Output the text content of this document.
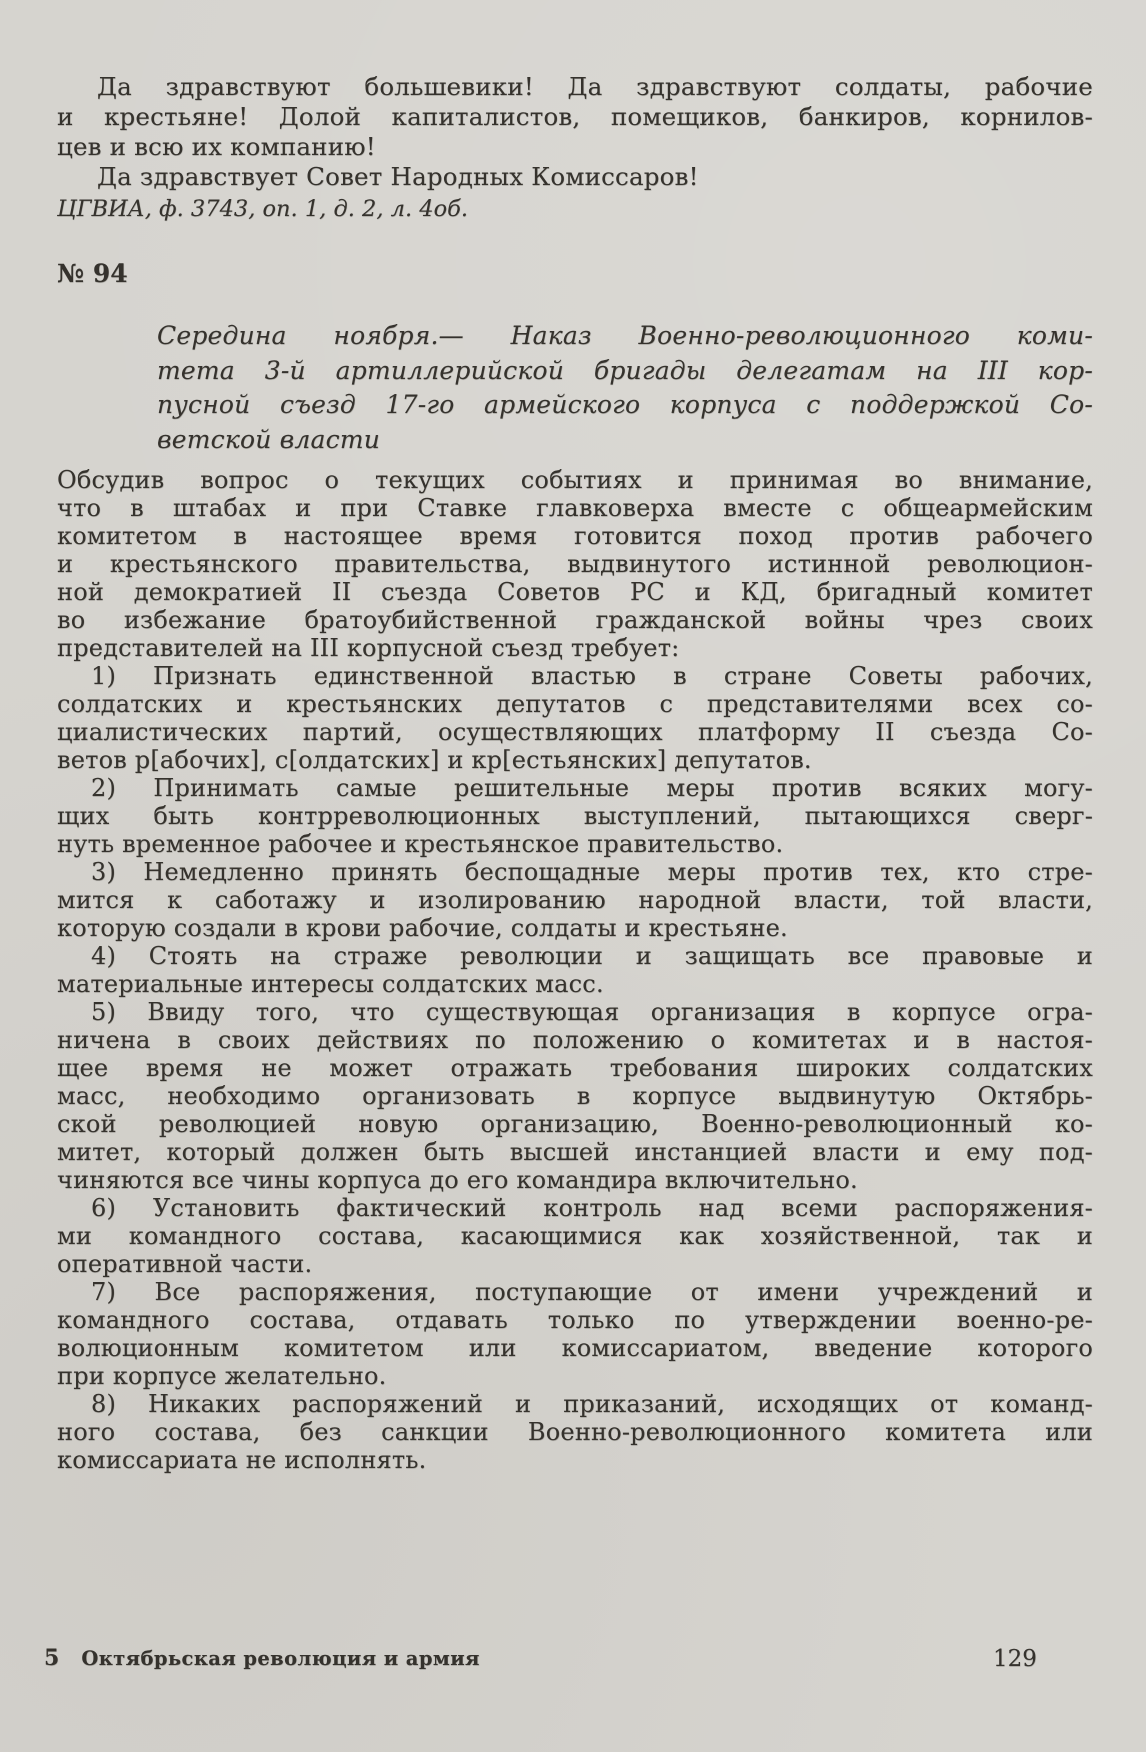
Да здравствуют большевики! Да здравствуют солдаты, рабочие
и крестьяне! Долой капиталистов, помещиков, банкиров, корнилов-
цев и всю их компанию!
Да здравствует Совет Народных Комиссаров!

ЦГВИА, ф. 3743, оп. 1, д. 2, л. 4об.

№ 94
Середина ноября.— Наказ Военно-революционного коми-
тета 3-й артиллерийской бригады делегатам на III кор-
пусной съезд 17-го армейского корпуса с поддержкой Со-
ветской власти
Обсудив вопрос о текущих событиях и принимая во внимание,
что в штабах и при Ставке главковерха вместе с общеармейским
комитетом в настоящее время готовится поход против рабочего
и крестьянского правительства, выдвинутого истинной революцион-
ной демократией II съезда Советов РС и КД, бригадный комитет
во избежание братоубийственной гражданской войны чрез своих
представителей на III корпусной съезд требует:
1) Признать единственной властью в стране Советы рабочих,
солдатских и крестьянских депутатов с представителями всех со-
циалистических партий, осуществляющих платформу II съезда Со-
ветов р[абочих], с[олдатских] и кр[естьянских] депутатов.
2) Принимать самые решительные меры против всяких могу-
щих быть контрреволюционных выступлений, пытающихся сверг-
нуть временное рабочее и крестьянское правительство.
3) Немедленно принять беспощадные меры против тех, кто стре-
мится к саботажу и изолированию народной власти, той власти,
которую создали в крови рабочие, солдаты и крестьяне.
4) Стоять на страже революции и защищать все правовые и
материальные интересы солдатских масс.
5) Ввиду того, что существующая организация в корпусе огра-
ничена в своих действиях по положению о комитетах и в настоя-
щее время не может отражать требования широких солдатских
масс, необходимо организовать в корпусе выдвинутую Октябрь-
ской революцией новую организацию, Военно-революционный ко-
митет, который должен быть высшей инстанцией власти и ему под-
чиняются все чины корпуса до его командира включительно.
6) Установить фактический контроль над всеми распоряжения-
ми командного состава, касающимися как хозяйственной, так и
оперативной части.
7) Все распоряжения, поступающие от имени учреждений и
командного состава, отдавать только по утверждении военно-ре-
волюционным комитетом или комиссариатом, введение которого
при корпусе желательно.
8) Никаких распоряжений и приказаний, исходящих от команд-
ного состава, без санкции Военно-революционного комитета или
комиссариата не исполнять.
5 Октябрьская революция и армия	129
